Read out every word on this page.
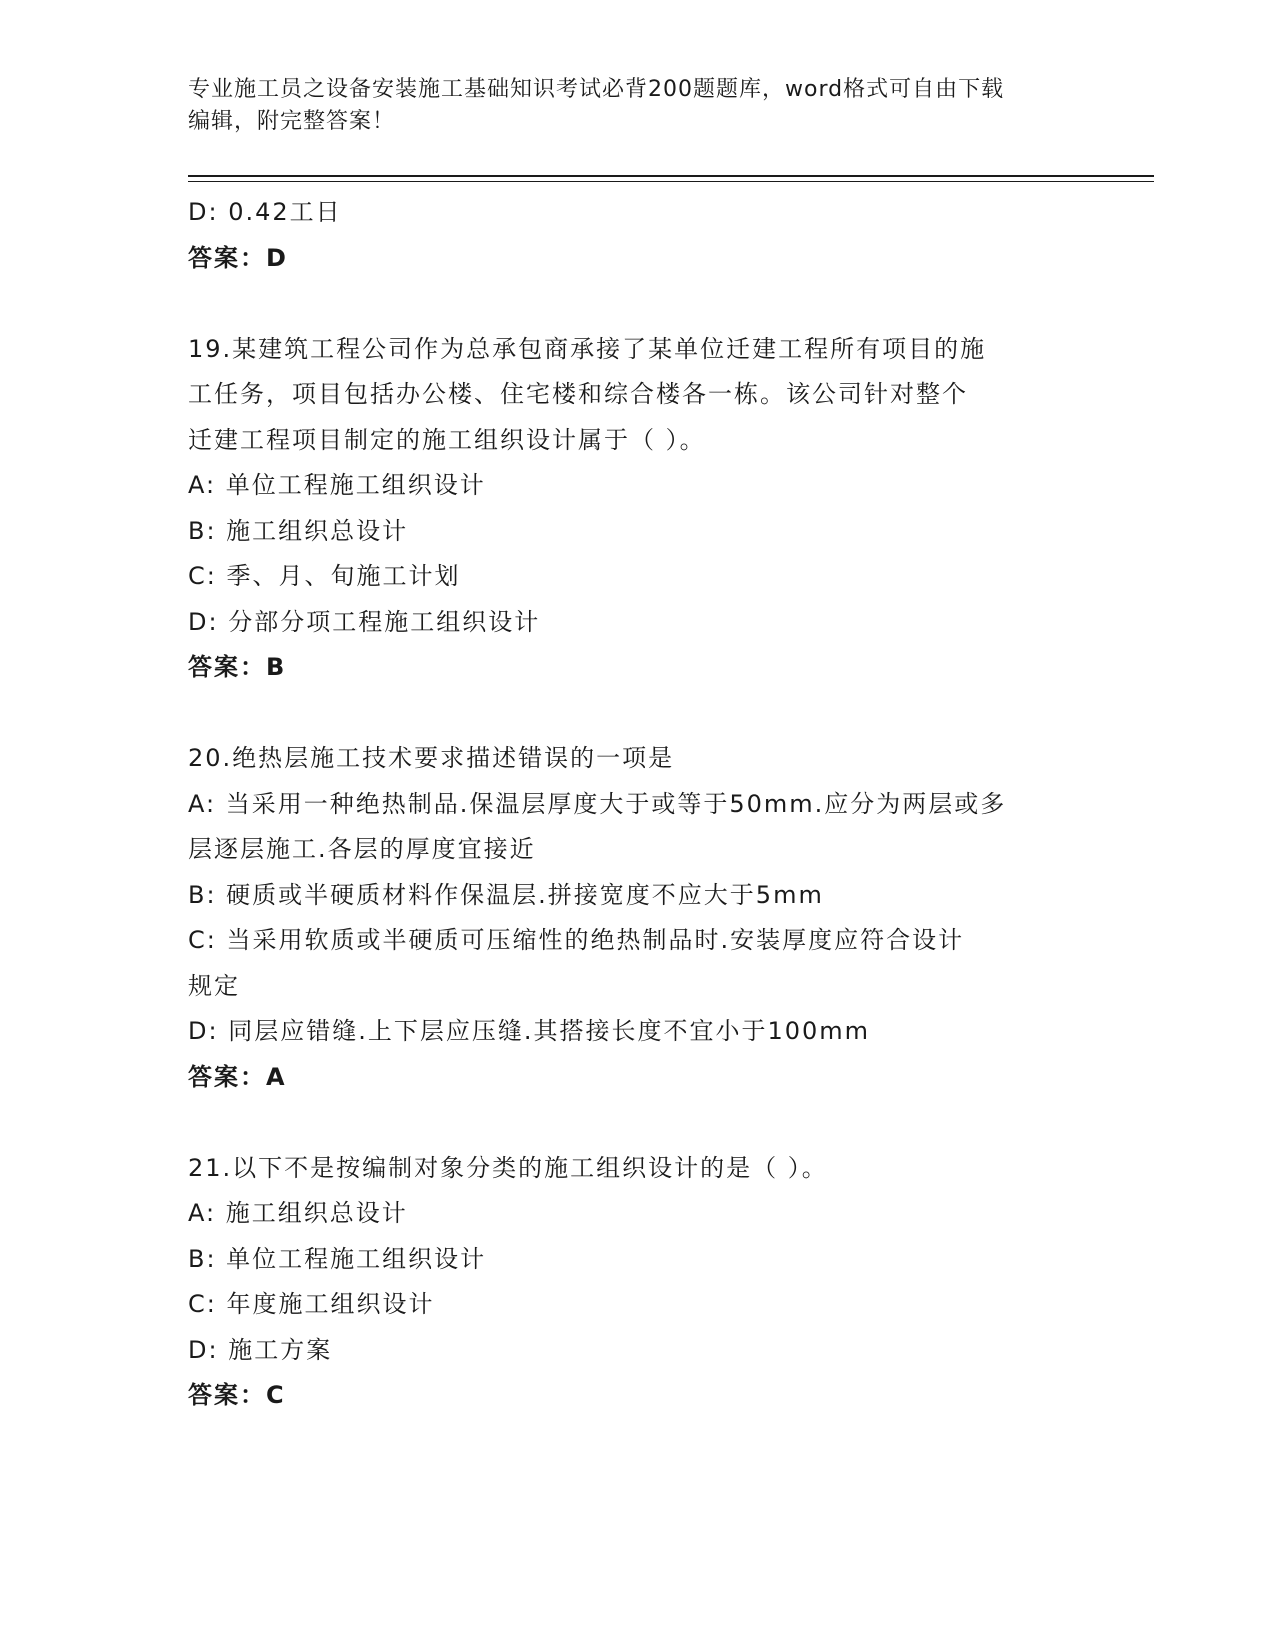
专业施工员之设备安装施工基础知识考试必背200题题库，word格式可自由下载
编辑，附完整答案！
D: 0.42工日
答案：D
19.某建筑工程公司作为总承包商承接了某单位迁建工程所有项目的施
工任务，项目包括办公楼、住宅楼和综合楼各一栋。该公司针对整个
迁建工程项目制定的施工组织设计属于（ ）。
A: 单位工程施工组织设计
B: 施工组织总设计
C: 季、月、旬施工计划
D: 分部分项工程施工组织设计
答案：B
20.绝热层施工技术要求描述错误的一项是
A: 当采用一种绝热制品.保温层厚度大于或等于50mm.应分为两层或多
层逐层施工.各层的厚度宜接近
B: 硬质或半硬质材料作保温层.拼接宽度不应大于5mm
C: 当采用软质或半硬质可压缩性的绝热制品时.安装厚度应符合设计
规定
D: 同层应错缝.上下层应压缝.其搭接长度不宜小于100mm
答案：A
21.以下不是按编制对象分类的施工组织设计的是（ ）。
A: 施工组织总设计
B: 单位工程施工组织设计
C: 年度施工组织设计
D: 施工方案
答案：C
